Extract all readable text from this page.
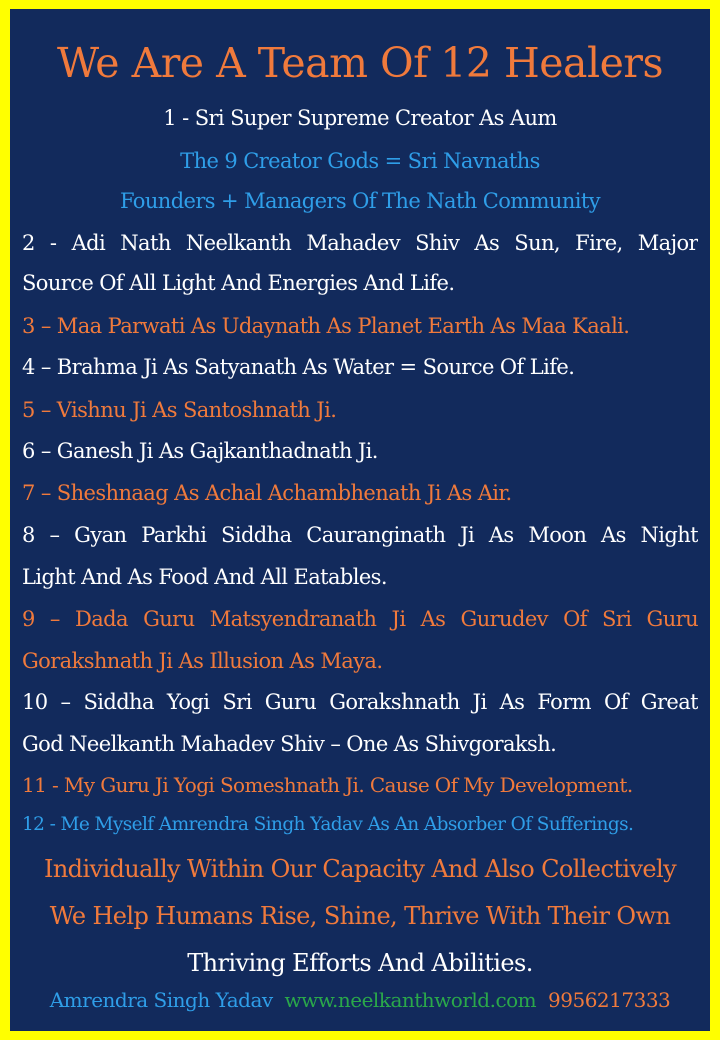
We Are A Team Of 12 Healers
1 - Sri Super Supreme Creator As Aum
The 9 Creator Gods = Sri Navnaths
Founders + Managers Of The Nath Community
2 - Adi Nath Neelkanth Mahadev Shiv As Sun, Fire, Major
Source Of All Light And Energies And Life.
3 – Maa Parwati As Udaynath As Planet Earth As Maa Kaali.
4 – Brahma Ji As Satyanath As Water = Source Of Life.
5 – Vishnu Ji As Santoshnath Ji.
6 – Ganesh Ji As Gajkanthadnath Ji.
7 – Sheshnaag As Achal Achambhenath Ji As Air.
8 – Gyan Parkhi Siddha Cauranginath Ji As Moon As Night
Light And As Food And All Eatables.
9 – Dada Guru Matsyendranath Ji As Gurudev Of Sri Guru
Gorakshnath Ji As Illusion As Maya.
10 – Siddha Yogi Sri Guru Gorakshnath Ji As Form Of Great
God Neelkanth Mahadev Shiv – One As Shivgoraksh.
11 - My Guru Ji Yogi Someshnath Ji. Cause Of My Development.
12 - Me Myself Amrendra Singh Yadav As An Absorber Of Sufferings.
Individually Within Our Capacity And Also Collectively
We Help Humans Rise, Shine, Thrive With Their Own
Thriving Efforts And Abilities.
Amrendra Singh Yadav www.neelkanthworld.com 9956217333
